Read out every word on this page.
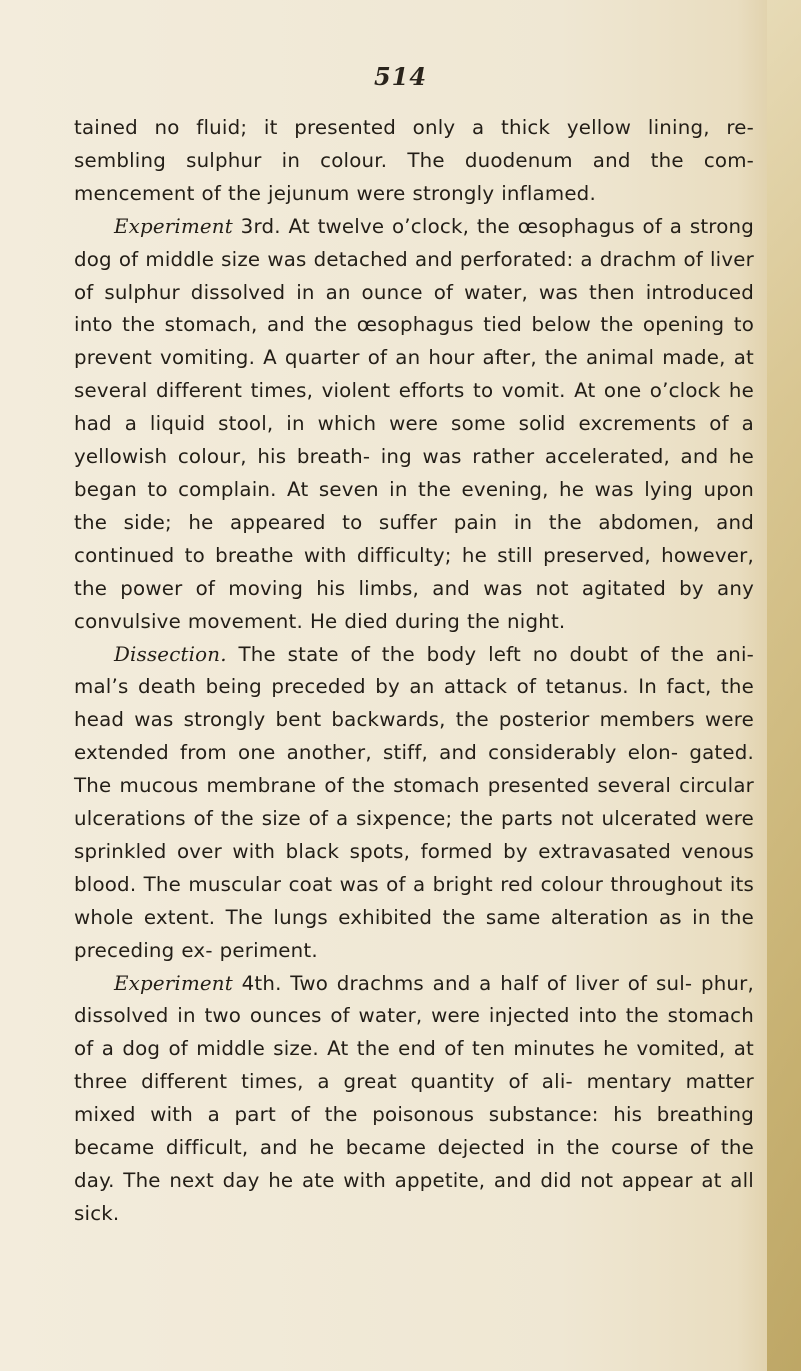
514

tained no fluid; it presented only a thick yellow lining, re- sembling sulphur in colour. The duodenum and the com- mencement of the jejunum were strongly inflamed.

Experiment 3rd. At twelve o’clock, the œsophagus of a strong dog of middle size was detached and perforated: a drachm of liver of sulphur dissolved in an ounce of water, was then introduced into the stomach, and the œsophagus tied below the opening to prevent vomiting. A quarter of an hour after, the animal made, at several different times, violent efforts to vomit. At one o’clock he had a liquid stool, in which were some solid excrements of a yellowish colour, his breath- ing was rather accelerated, and he began to complain. At seven in the evening, he was lying upon the side; he appeared to suffer pain in the abdomen, and continued to breathe with difficulty; he still preserved, however, the power of moving his limbs, and was not agitated by any convulsive movement. He died during the night.

Dissection. The state of the body left no doubt of the ani- mal’s death being preceded by an attack of tetanus. In fact, the head was strongly bent backwards, the posterior members were extended from one another, stiff, and considerably elon- gated. The mucous membrane of the stomach presented several circular ulcerations of the size of a sixpence; the parts not ulcerated were sprinkled over with black spots, formed by extravasated venous blood. The muscular coat was of a bright red colour throughout its whole extent. The lungs exhibited the same alteration as in the preceding ex- periment.

Experiment 4th. Two drachms and a half of liver of sul- phur, dissolved in two ounces of water, were injected into the stomach of a dog of middle size. At the end of ten minutes he vomited, at three different times, a great quantity of ali- mentary matter mixed with a part of the poisonous substance: his breathing became difficult, and he became dejected in the course of the day. The next day he ate with appetite, and did not appear at all sick.
